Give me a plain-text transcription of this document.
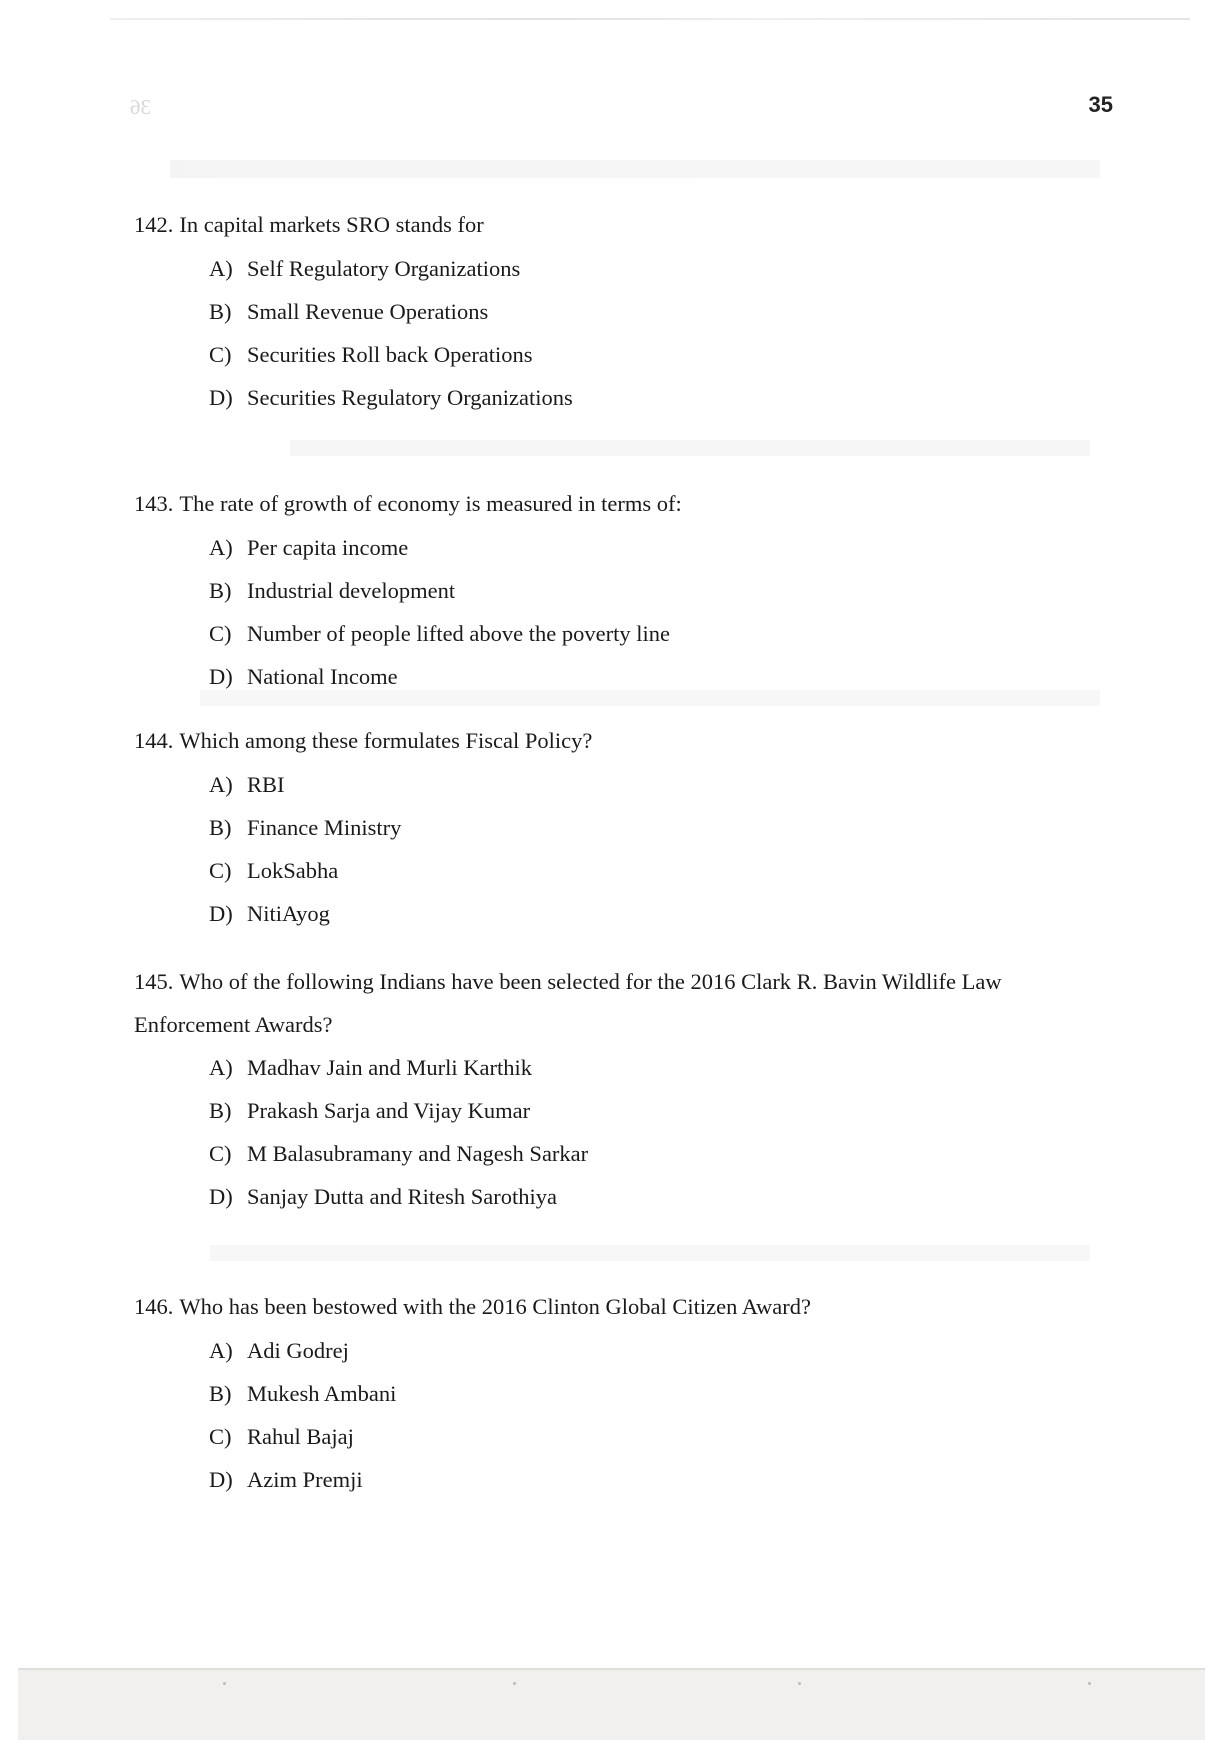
36	35

142. In capital markets SRO stands for

A) Self Regulatory Organizations
B) Small Revenue Operations
C) Securities Roll back Operations
D) Securities Regulatory Organizations

143. The rate of growth of economy is measured in terms of:

A) Per capita income
B) Industrial development
C) Number of people lifted above the poverty line
D) National Income

144. Which among these formulates Fiscal Policy?

A) RBI
B) Finance Ministry
C) LokSabha
D) NitiAyog

145. Who of the following Indians have been selected for the 2016 Clark R. Bavin Wildlife Law Enforcement Awards?

A) Madhav Jain and Murli Karthik
B) Prakash Sarja and Vijay Kumar
C) M Balasubramany and Nagesh Sarkar
D) Sanjay Dutta and Ritesh Sarothiya

146. Who has been bestowed with the 2016 Clinton Global Citizen Award?

A) Adi Godrej
B) Mukesh Ambani
C) Rahul Bajaj
D) Azim Premji
